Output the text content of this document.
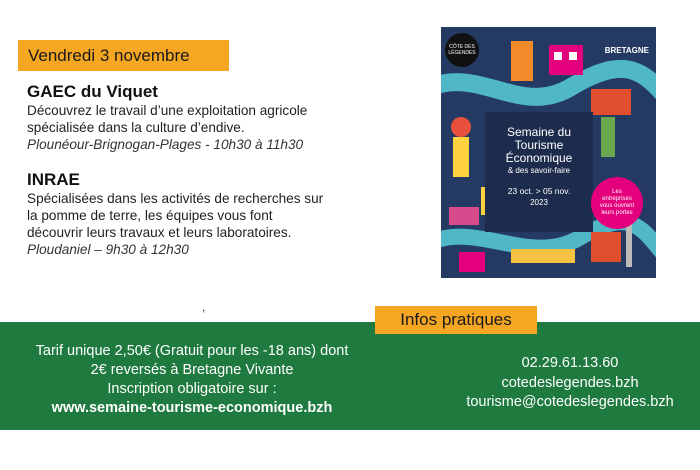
Vendredi 3 novembre
GAEC du Viquet

Découvrez le travail d’une exploitation agricole

spécialisée dans la culture d’endive.

Plounéour-Brignogan-Plages - 10h30 à 11h30

INRAE

Spécialisées dans les activités de recherches sur

la pomme de terre, les équipes vous font

découvrir leurs travaux et leurs laboratoires.

Ploudaniel – 9h30 à 12h30

,
CÔTE DES LÉGENDES	BRETAGNE
Semaine du
Tourisme Économique
& des savoir-faire
23 oct. > 05 nov.
2023
Les entreprises vous ouvrent leurs portes
Infos pratiques
Tarif unique 2,50€ (Gratuit pour les -18 ans) dont
2€ reversés à Bretagne Vivante
Inscription obligatoire sur :
www.semaine-tourisme-economique.bzh
02.29.61.13.60
cotedeslegendes.bzh
tourisme@cotedeslegendes.bzh
